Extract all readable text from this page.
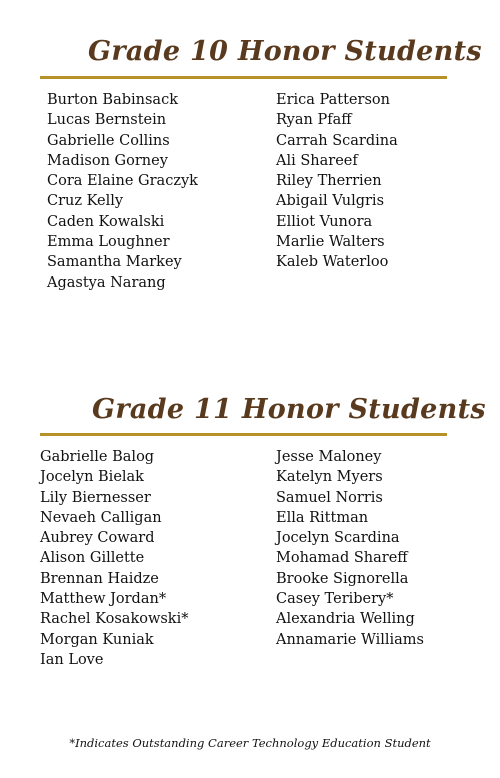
Grade 10 Honor Students
Burton Babinsack
Lucas Bernstein
Gabrielle Collins
Madison Gorney
Cora Elaine Graczyk
Cruz Kelly
Caden Kowalski
Emma Loughner
Samantha Markey
Agastya Narang
Erica Patterson
Ryan Pfaff
Carrah Scardina
Ali Shareef
Riley Therrien
Abigail Vulgris
Elliot Vunora
Marlie Walters
Kaleb Waterloo
Grade 11 Honor Students
Gabrielle Balog
Jocelyn Bielak
Lily Biernesser
Nevaeh Calligan
Aubrey Coward
Alison Gillette
Brennan Haidze
Matthew Jordan*
Rachel Kosakowski*
Morgan Kuniak
Ian Love
Jesse Maloney
Katelyn Myers
Samuel Norris
Ella Rittman
Jocelyn Scardina
Mohamad Shareff
Brooke Signorella
Casey Teribery*
Alexandria Welling
Annamarie Williams

*Indicates Outstanding Career Technology Education Student
